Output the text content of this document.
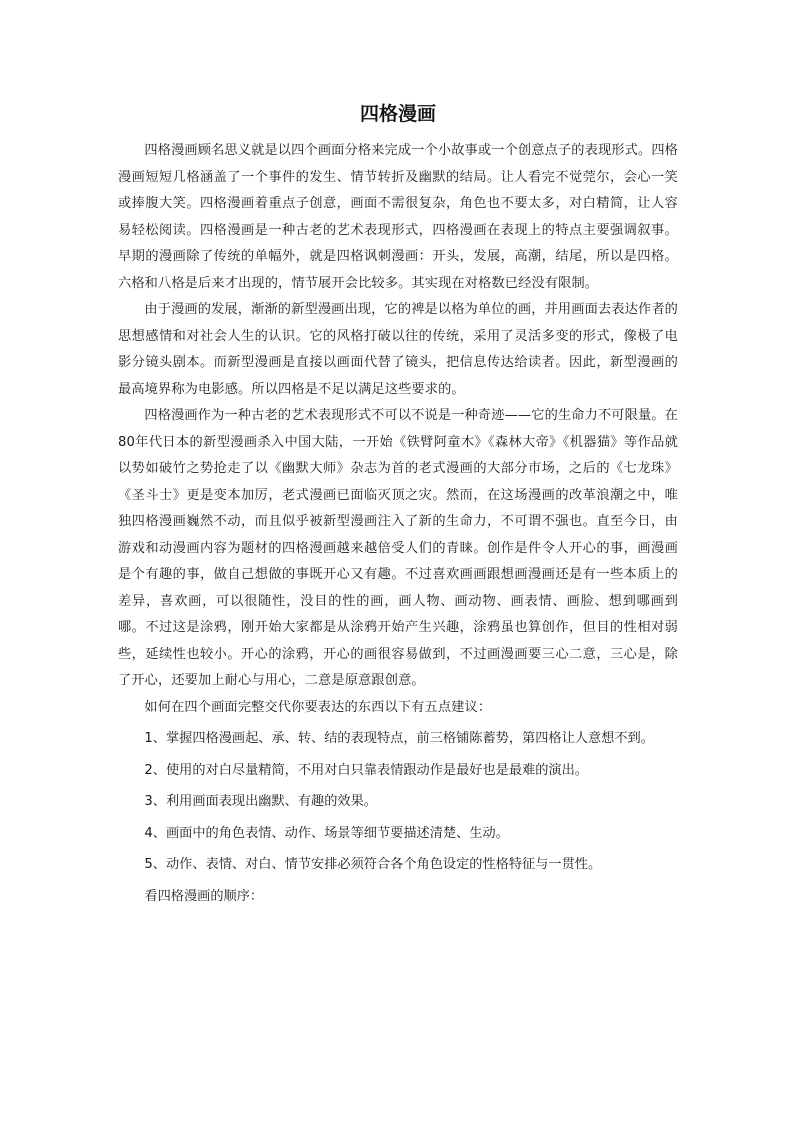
四格漫画

四格漫画顾名思义就是以四个画面分格来完成一个小故事或一个创意点子的表现形式。四格漫画短短几格涵盖了一个事件的发生、情节转折及幽默的结局。让人看完不觉莞尔，会心一笑或捧腹大笑。四格漫画着重点子创意，画面不需很复杂，角色也不要太多，对白精简，让人容易轻松阅读。四格漫画是一种古老的艺术表现形式，四格漫画在表现上的特点主要强调叙事。早期的漫画除了传统的单幅外，就是四格讽刺漫画：开头，发展，高潮，结尾，所以是四格。六格和八格是后来才出现的，情节展开会比较多。其实现在对格数已经没有限制。

由于漫画的发展，渐渐的新型漫画出现，它的裨是以格为单位的画，并用画面去表达作者的思想感情和对社会人生的认识。它的风格打破以往的传统，采用了灵活多变的形式，像极了电影分镜头剧本。而新型漫画是直接以画面代替了镜头，把信息传达给读者。因此，新型漫画的最高境界称为电影感。所以四格是不足以满足这些要求的。

四格漫画作为一种古老的艺术表现形式不可以不说是一种奇迹——它的生命力不可限量。在80年代日本的新型漫画杀入中国大陆，一开始《铁臂阿童木》《森林大帝》《机器猫》等作品就以势如破竹之势抢走了以《幽默大师》杂志为首的老式漫画的大部分市场，之后的《七龙珠》《圣斗士》更是变本加厉，老式漫画已面临灭顶之灾。然而，在这场漫画的改革浪潮之中，唯独四格漫画巍然不动，而且似乎被新型漫画注入了新的生命力，不可谓不强也。直至今日，由游戏和动漫画内容为题材的四格漫画越来越倍受人们的青睐。创作是件令人开心的事，画漫画是个有趣的事，做自己想做的事既开心又有趣。不过喜欢画画跟想画漫画还是有一些本质上的差异，喜欢画，可以很随性，没目的性的画，画人物、画动物、画表情、画脸、想到哪画到哪。不过这是涂鸦，刚开始大家都是从涂鸦开始产生兴趣，涂鸦虽也算创作，但目的性相对弱些，延续性也较小。开心的涂鸦，开心的画很容易做到，不过画漫画要三心二意，三心是，除了开心，还要加上耐心与用心，二意是原意跟创意。

如何在四个画面完整交代你要表达的东西以下有五点建议：

1、掌握四格漫画起、承、转、结的表现特点，前三格铺陈蓄势，第四格让人意想不到。

2、使用的对白尽量精简，不用对白只靠表情跟动作是最好也是最难的演出。

3、利用画面表现出幽默、有趣的效果。

4、画面中的角色表情、动作、场景等细节要描述清楚、生动。

5、动作、表情、对白、情节安排必须符合各个角色设定的性格特征与一贯性。

看四格漫画的顺序：
